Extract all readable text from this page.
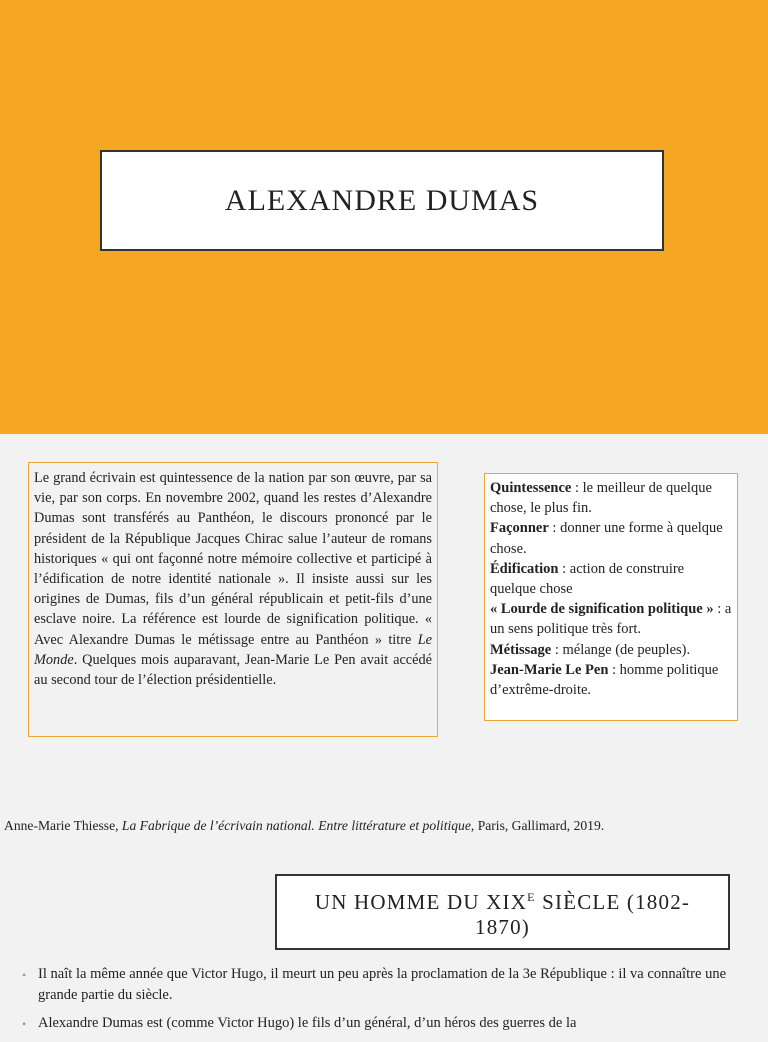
ALEXANDRE DUMAS
Le grand écrivain est quintessence de la nation par son œuvre, par sa vie, par son corps. En novembre 2002, quand les restes d’Alexandre Dumas sont transférés au Panthéon, le discours prononcé par le président de la République Jacques Chirac salue l’auteur de romans historiques « qui ont façonné notre mémoire collective et participé à l’édification de notre identité nationale ». Il insiste aussi sur les origines de Dumas, fils d’un général républicain et petit-fils d’une esclave noire. La référence est lourde de signification politique. « Avec Alexandre Dumas le métissage entre au Panthéon » titre Le Monde. Quelques mois auparavant, Jean-Marie Le Pen avait accédé au second tour de l’élection présidentielle.

Quintessence : le meilleur de quelque chose, le plus fin.

Façonner : donner une forme à quelque chose.

Édification : action de construire quelque chose

« Lourde de signification politique » : a un sens politique très fort.

Métissage : mélange (de peuples).

Jean-Marie Le Pen : homme politique d’extrême-droite.

Anne-Marie Thiesse, La Fabrique de l’écrivain national. Entre littérature et politique, Paris, Gallimard, 2019.
UN HOMME DU $XIX^E$ SIÈCLE (1802-1870)
• Il naît la même année que Victor Hugo, il meurt un peu après la proclamation de la 3e République : il va connaître une grande partie du siècle.
• Alexandre Dumas est (comme Victor Hugo) le fils d’un général, d’un héros des guerres de la
